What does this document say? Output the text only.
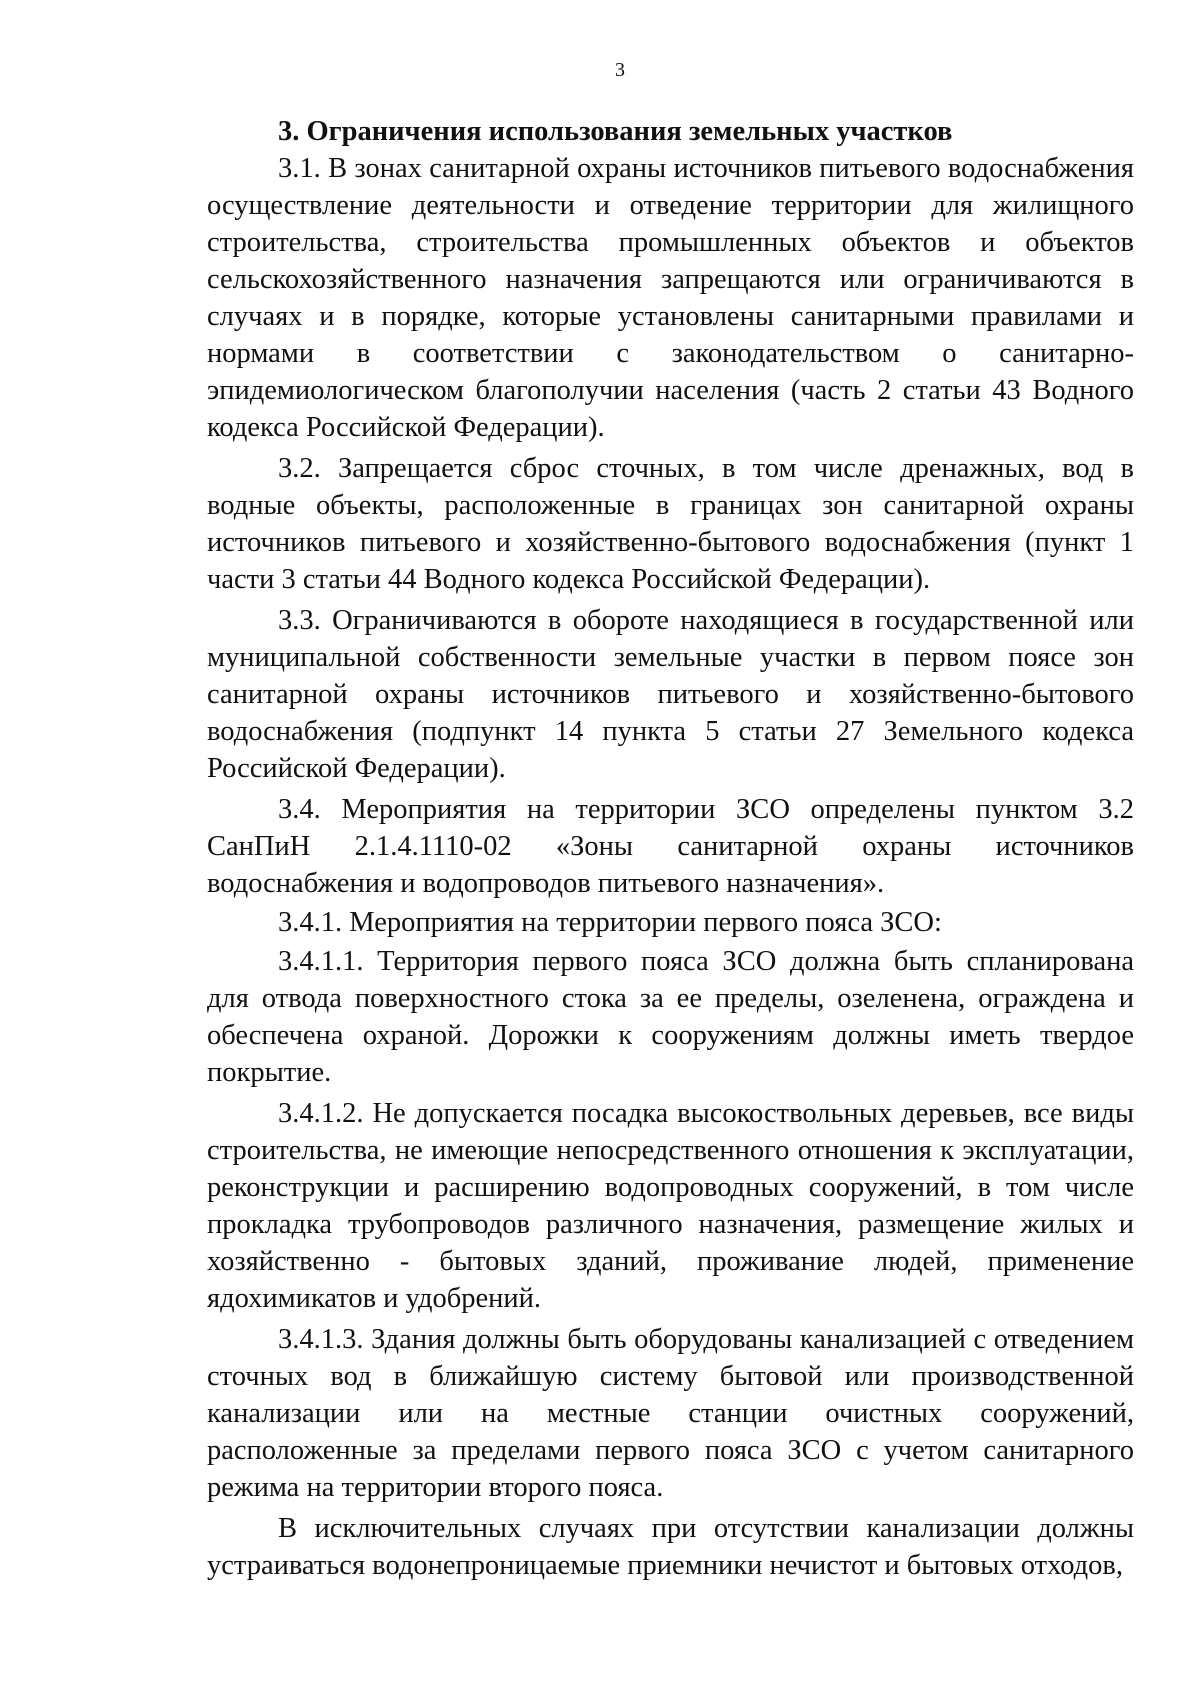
3
3. Ограничения использования земельных участков

3.1. В зонах санитарной охраны источников питьевого водоснабжения осуществление деятельности и отведение территории для жилищного строительства, строительства промышленных объектов и объектов сельскохозяйственного назначения запрещаются или ограничиваются в случаях и в порядке, которые установлены санитарными правилами и нормами в соответствии с законодательством о санитарно-эпидемиологическом благополучии населения (часть 2 статьи 43 Водного кодекса Российской Федерации).

3.2. Запрещается сброс сточных, в том числе дренажных, вод в водные объекты, расположенные в границах зон санитарной охраны источников питьевого и хозяйственно-бытового водоснабжения (пункт 1 части 3 статьи 44 Водного кодекса Российской Федерации).

3.3. Ограничиваются в обороте находящиеся в государственной или муниципальной собственности земельные участки в первом поясе зон санитарной охраны источников питьевого и хозяйственно-бытового водоснабжения (подпункт 14 пункта 5 статьи 27 Земельного кодекса Российской Федерации).

3.4. Мероприятия на территории ЗСО определены пунктом 3.2 СанПиН 2.1.4.1110-02 «Зоны санитарной охраны источников водоснабжения и водопроводов питьевого назначения».

3.4.1. Мероприятия на территории первого пояса ЗСО:

3.4.1.1. Территория первого пояса ЗСО должна быть спланирована для отвода поверхностного стока за ее пределы, озеленена, ограждена и обеспечена охраной. Дорожки к сооружениям должны иметь твердое покрытие.

3.4.1.2. Не допускается посадка высокоствольных деревьев, все виды строительства, не имеющие непосредственного отношения к эксплуатации, реконструкции и расширению водопроводных сооружений, в том числе прокладка трубопроводов различного назначения, размещение жилых и хозяйственно - бытовых зданий, проживание людей, применение ядохимикатов и удобрений.

3.4.1.3. Здания должны быть оборудованы канализацией с отведением сточных вод в ближайшую систему бытовой или производственной канализации или на местные станции очистных сооружений, расположенные за пределами первого пояса ЗСО с учетом санитарного режима на территории второго пояса.

В исключительных случаях при отсутствии канализации должны устраиваться водонепроницаемые приемники нечистот и бытовых отходов,
